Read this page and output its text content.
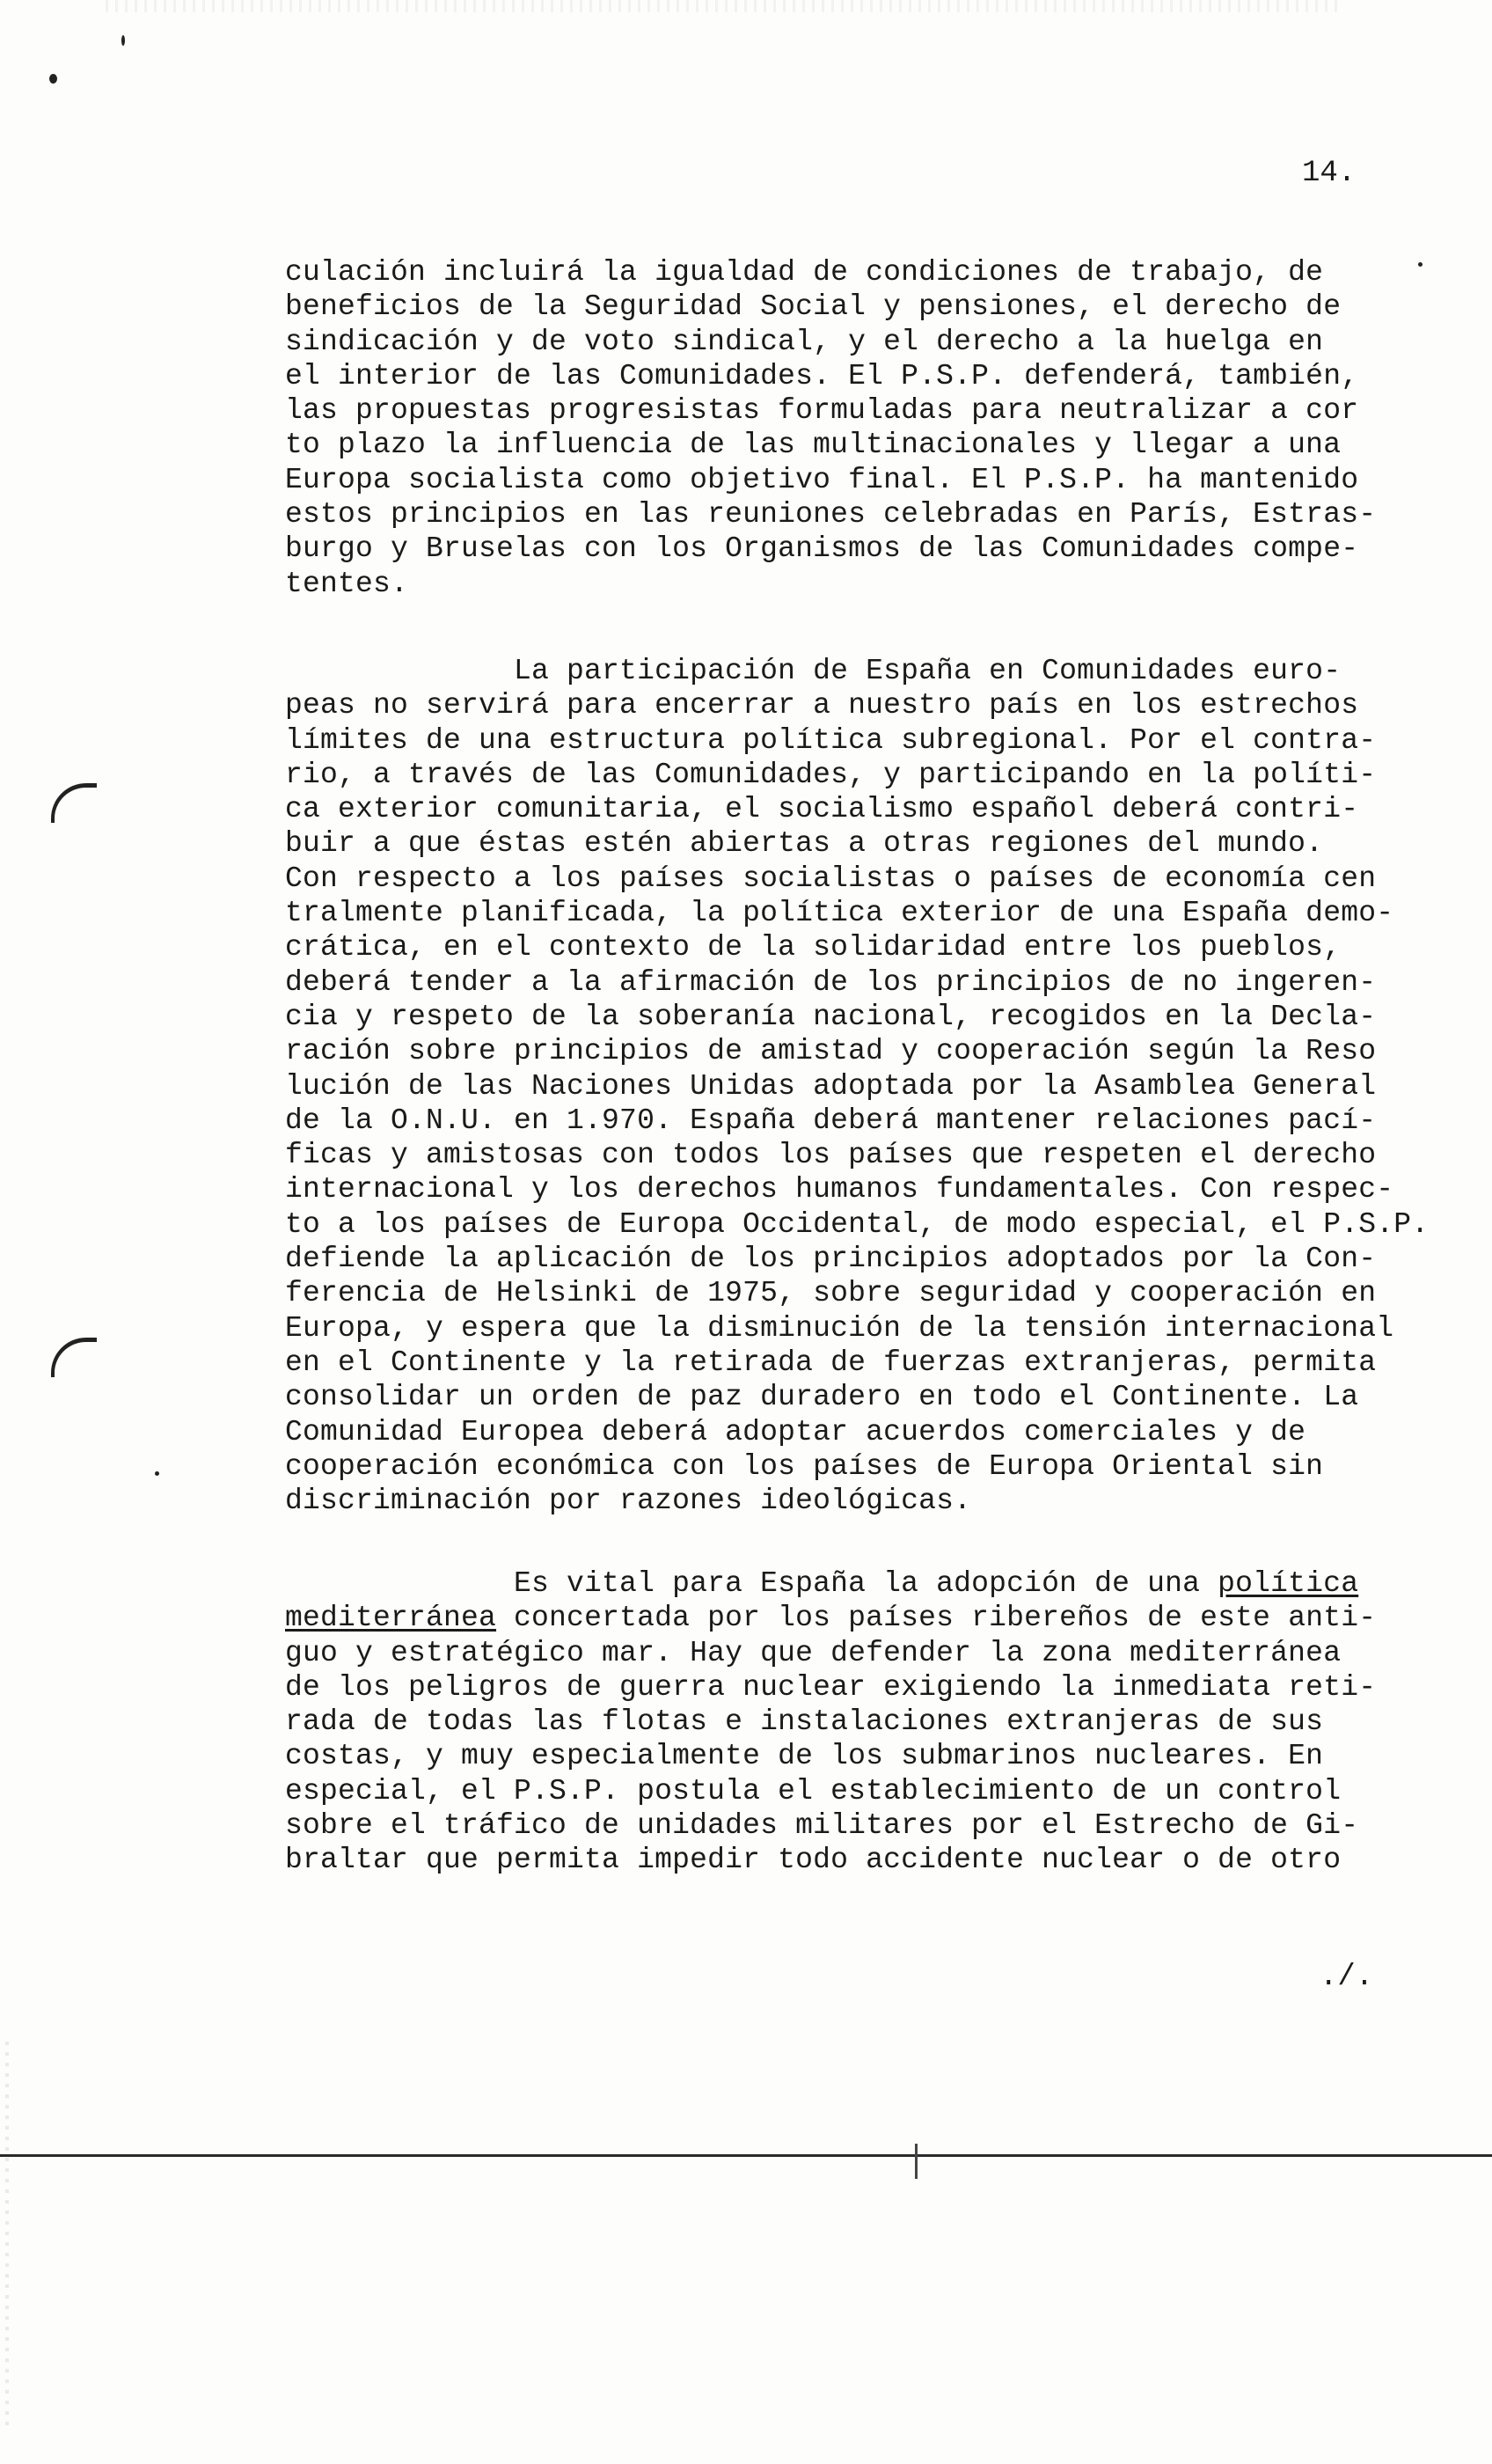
14.
culación incluirá la igualdad de condiciones de trabajo, de
beneficios de la Seguridad Social y pensiones, el derecho de
sindicación y de voto sindical, y el derecho a la huelga en
el interior de las Comunidades. El P.S.P. defenderá, también,
las propuestas progresistas formuladas para neutralizar a cor
to plazo la influencia de las multinacionales y llegar a una
Europa socialista como objetivo final. El P.S.P. ha mantenido
estos principios en las reuniones celebradas en París, Estras-
burgo y Bruselas con los Organismos de las Comunidades compe-
tentes.
La participación de España en Comunidades euro-
peas no servirá para encerrar a nuestro país en los estrechos
límites de una estructura política subregional. Por el contra-
rio, a través de las Comunidades, y participando en la políti-
ca exterior comunitaria, el socialismo español deberá contri-
buir a que éstas estén abiertas a otras regiones del mundo.
Con respecto a los países socialistas o países de economía cen
tralmente planificada, la política exterior de una España demo-
crática, en el contexto de la solidaridad entre los pueblos,
deberá tender a la afirmación de los principios de no ingeren-
cia y respeto de la soberanía nacional, recogidos en la Decla-
ración sobre principios de amistad y cooperación según la Reso
lución de las Naciones Unidas adoptada por la Asamblea General
de la O.N.U. en 1.970. España deberá mantener relaciones pací-
ficas y amistosas con todos los países que respeten el derecho
internacional y los derechos humanos fundamentales. Con respec-
to a los países de Europa Occidental, de modo especial, el P.S.P.
defiende la aplicación de los principios adoptados por la Con-
ferencia de Helsinki de 1975, sobre seguridad y cooperación en
Europa, y espera que la disminución de la tensión internacional
en el Continente y la retirada de fuerzas extranjeras, permita
consolidar un orden de paz duradero en todo el Continente. La
Comunidad Europea deberá adoptar acuerdos comerciales y de
cooperación económica con los países de Europa Oriental sin
discriminación por razones ideológicas.
Es vital para España la adopción de una política
mediterránea concertada por los países ribereños de este anti-
guo y estratégico mar. Hay que defender la zona mediterránea
de los peligros de guerra nuclear exigiendo la inmediata reti-
rada de todas las flotas e instalaciones extranjeras de sus
costas, y muy especialmente de los submarinos nucleares. En
especial, el P.S.P. postula el establecimiento de un control
sobre el tráfico de unidades militares por el Estrecho de Gi-
braltar que permita impedir todo accidente nuclear o de otro
./.
